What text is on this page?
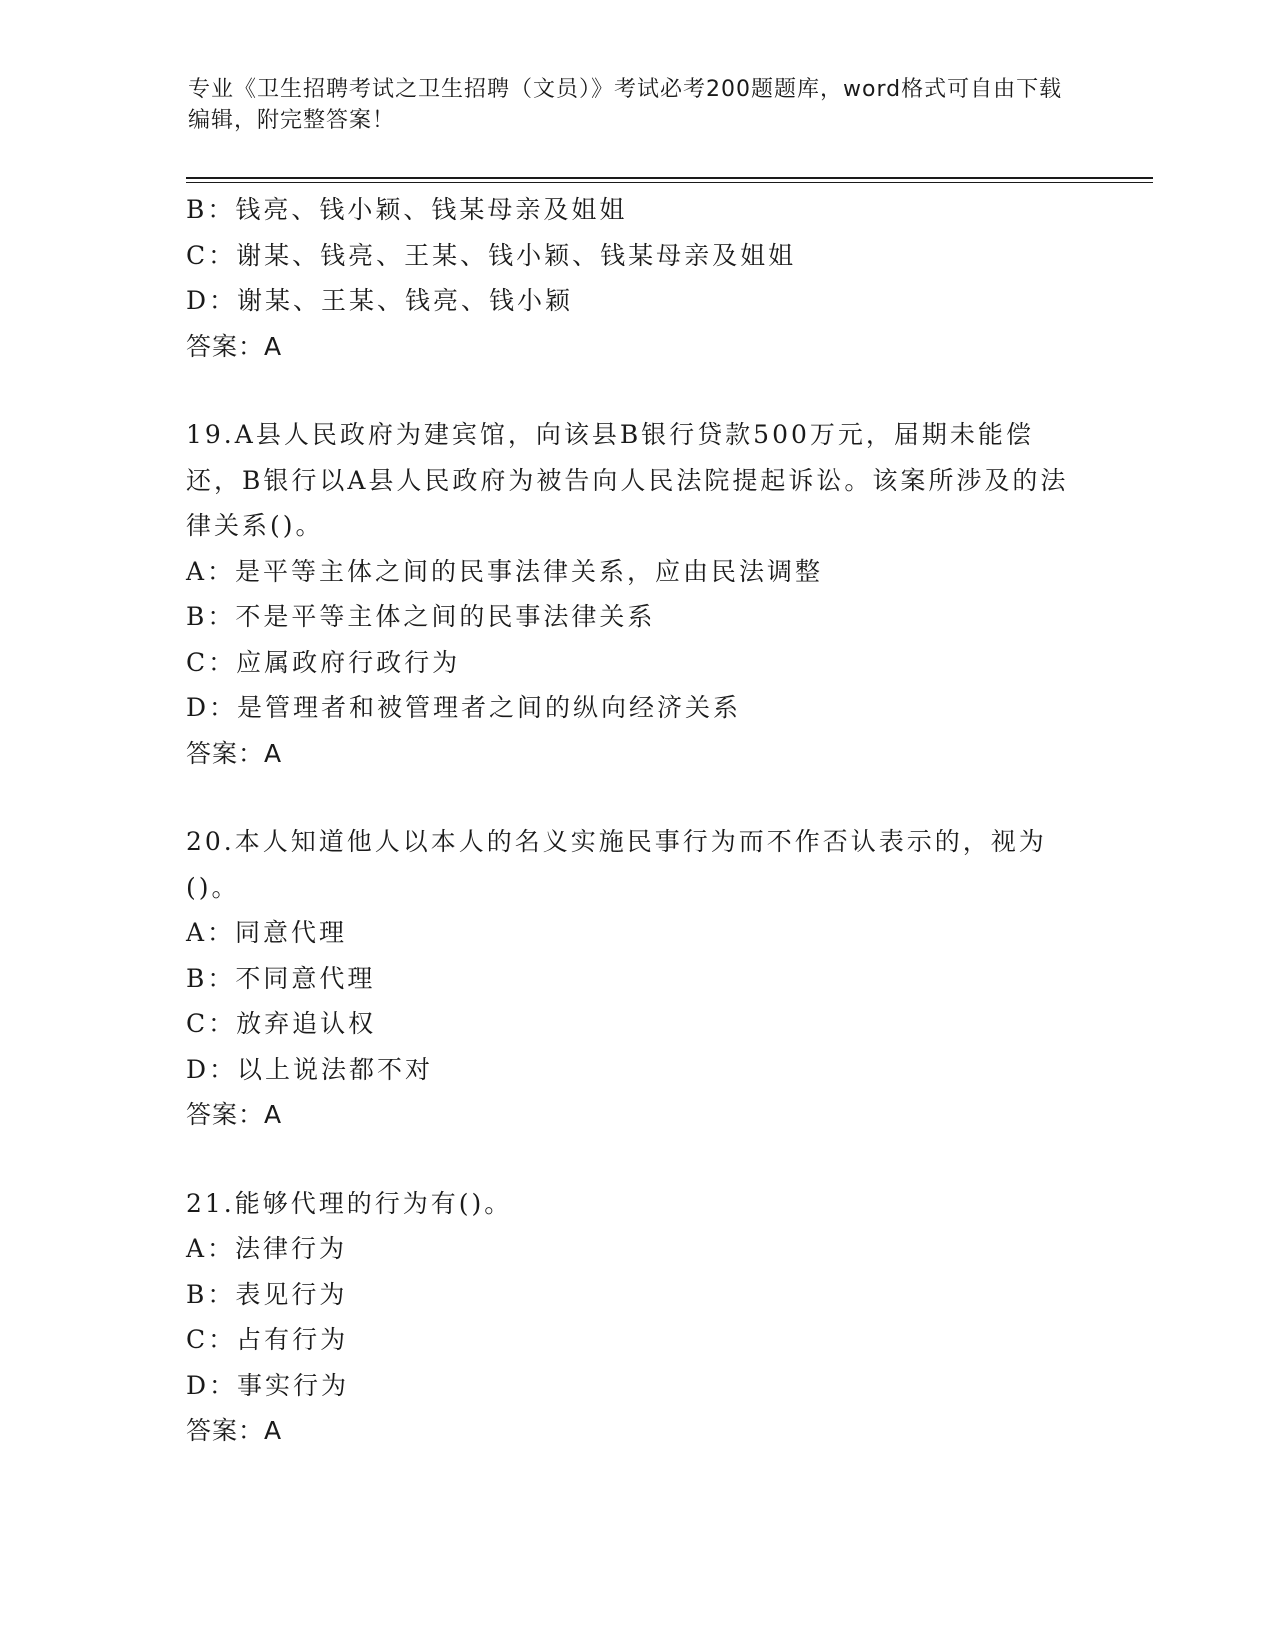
专业《卫生招聘考试之卫生招聘（文员）》考试必考200题题库，word格式可自由下载编辑，附完整答案！
B：钱亮、钱小颖、钱某母亲及姐姐
C：谢某、钱亮、王某、钱小颖、钱某母亲及姐姐
D：谢某、王某、钱亮、钱小颖
答案：A
19.A县人民政府为建宾馆，向该县B银行贷款500万元，届期未能偿还，B银行以A县人民政府为被告向人民法院提起诉讼。该案所涉及的法律关系()。
A：是平等主体之间的民事法律关系，应由民法调整
B：不是平等主体之间的民事法律关系
C：应属政府行政行为
D：是管理者和被管理者之间的纵向经济关系
答案：A
20.本人知道他人以本人的名义实施民事行为而不作否认表示的，视为()。
A：同意代理
B：不同意代理
C：放弃追认权
D：以上说法都不对
答案：A
21.能够代理的行为有()。
A：法律行为
B：表见行为
C：占有行为
D：事实行为
答案：A
